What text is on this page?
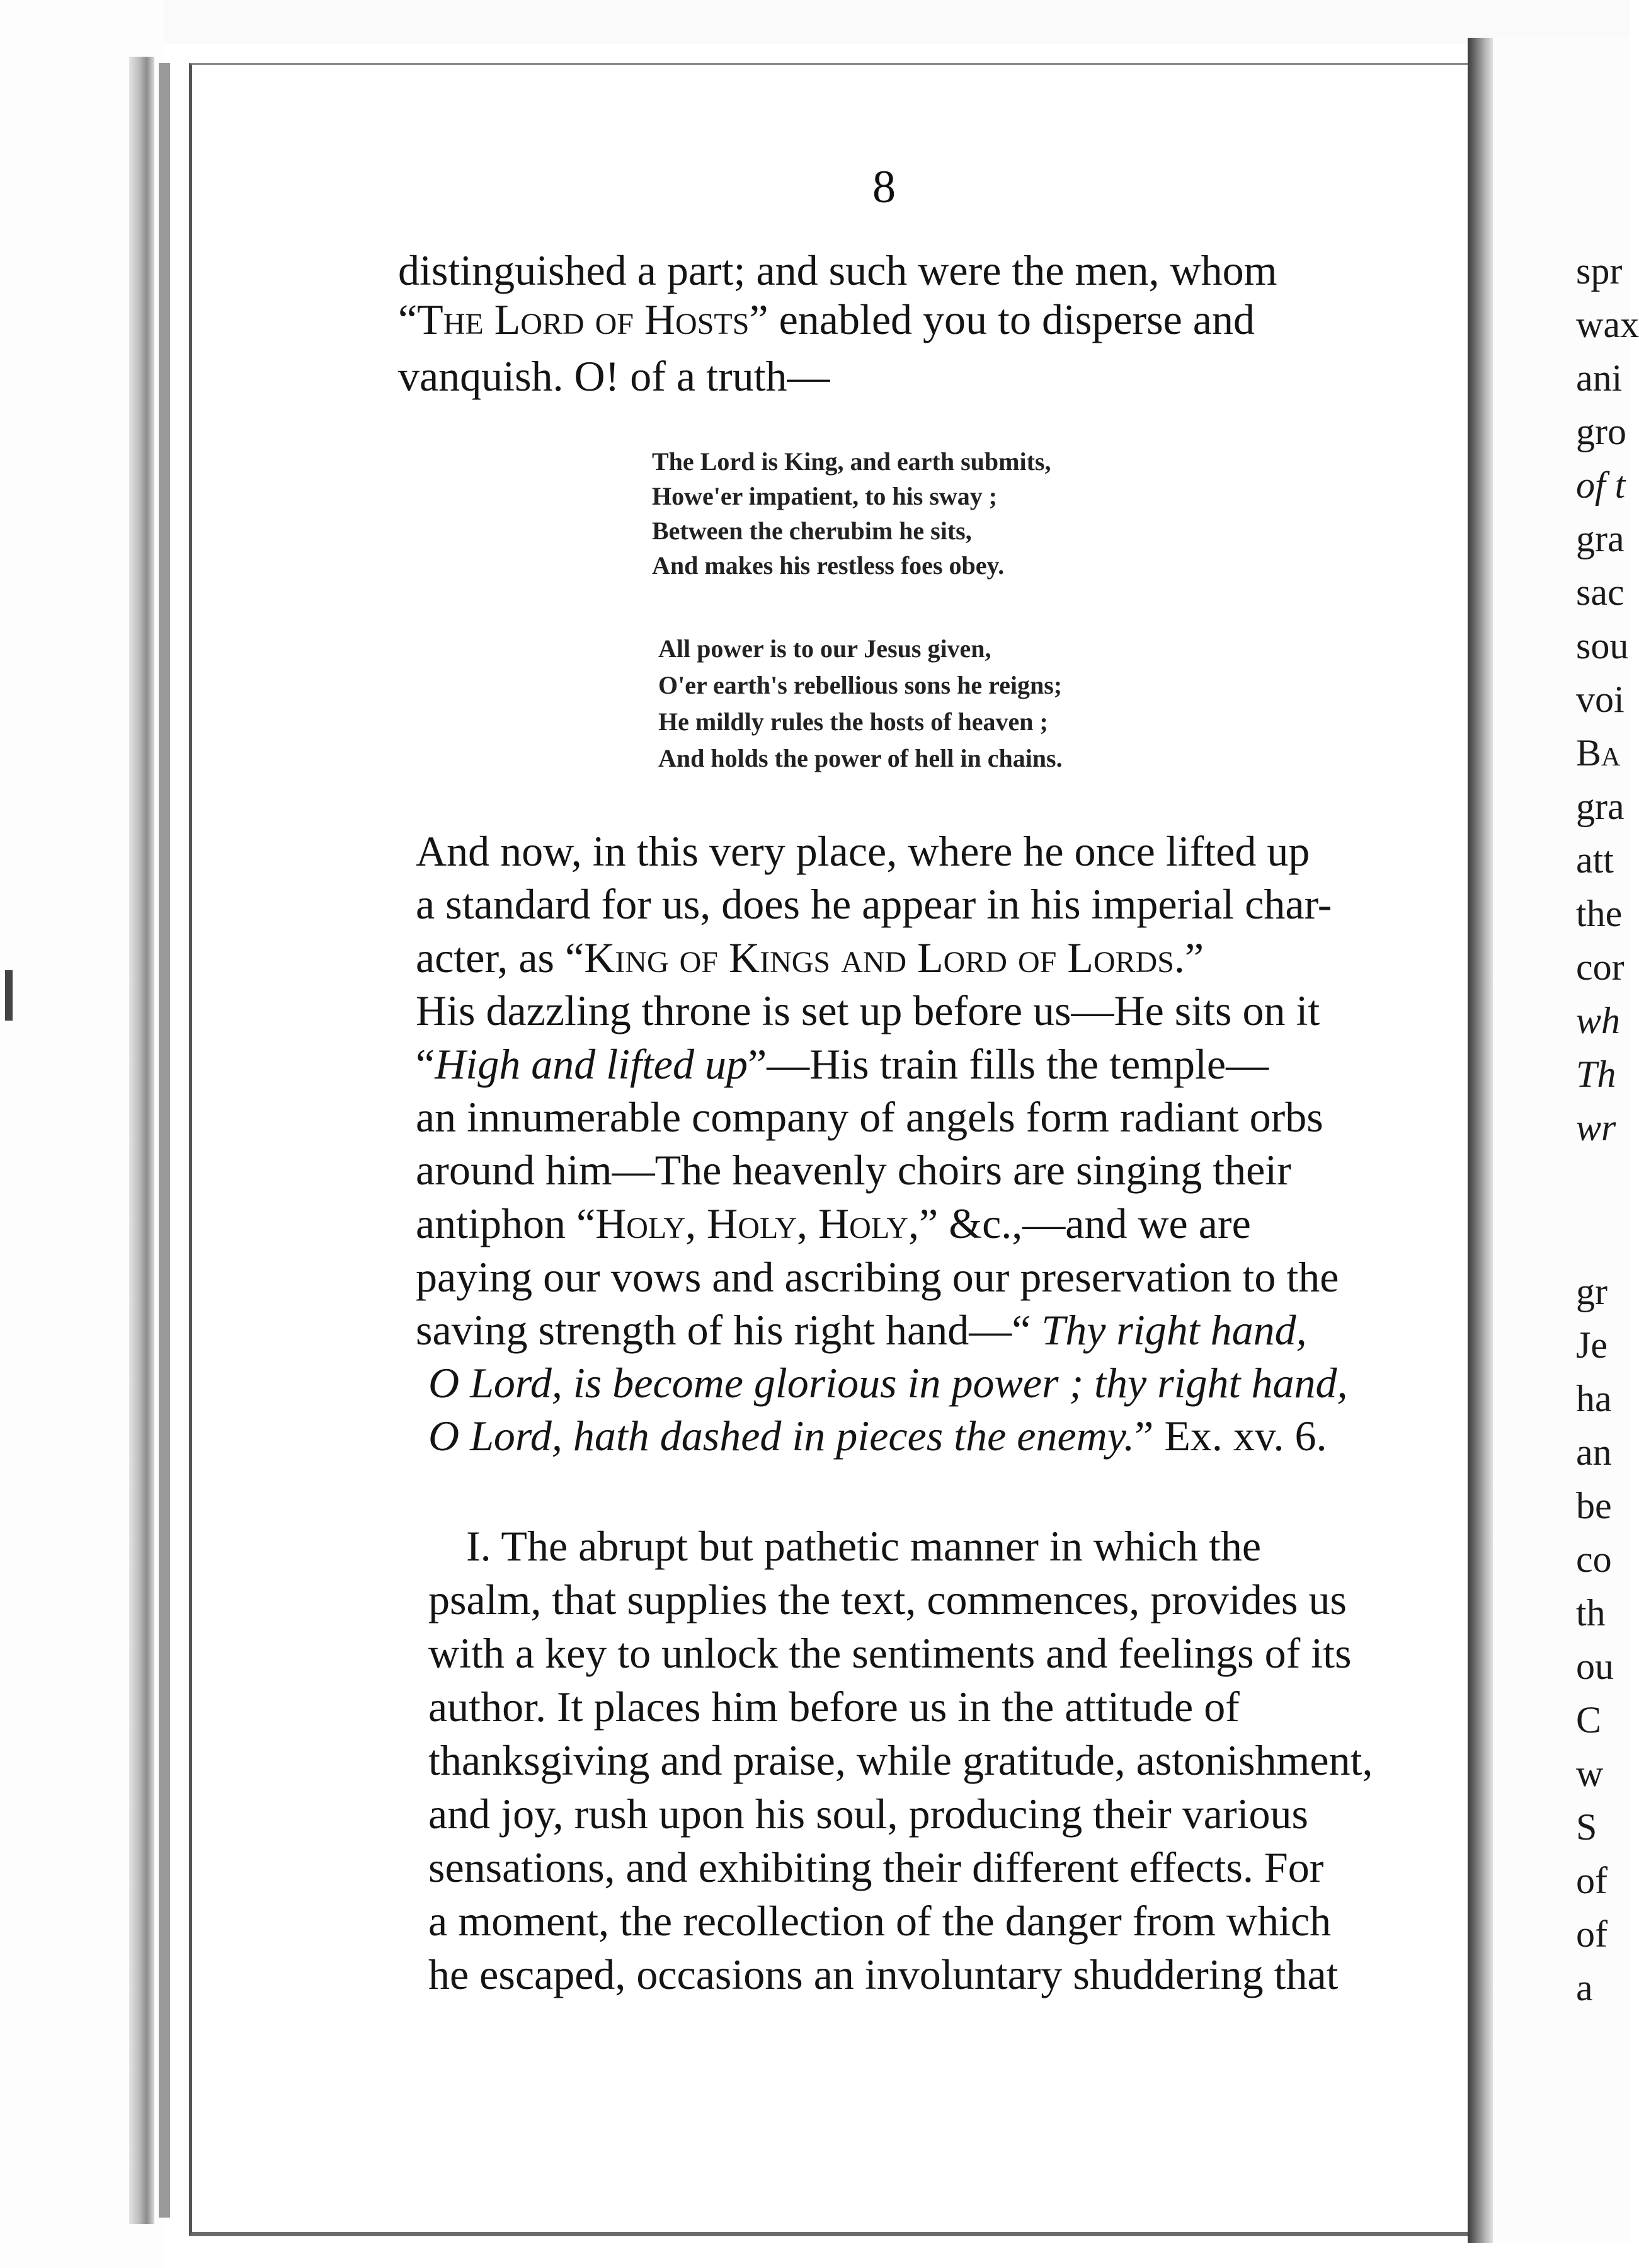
8
distinguished a part; and such were the men, whom
“The Lord of Hosts” enabled you to disperse and
vanquish. O! of a truth—
The Lord is King, and earth submits,
Howe'er impatient, to his sway ;
Between the cherubim he sits,
And makes his restless foes obey.
All power is to our Jesus given,
O'er earth's rebellious sons he reigns;
He mildly rules the hosts of heaven ;
And holds the power of hell in chains.
And now, in this very place, where he once lifted up
a standard for us, does he appear in his imperial char-
acter, as “King of Kings and Lord of Lords.”
His dazzling throne is set up before us—He sits on it
“High and lifted up”—His train fills the temple—
an innumerable company of angels form radiant orbs
around him—The heavenly choirs are singing their
antiphon “Holy, Holy, Holy,” &c.,—and we are
paying our vows and ascribing our preservation to the
saving strength of his right hand—“ Thy right hand,
O Lord, is become glorious in power ; thy right hand,
O Lord, hath dashed in pieces the enemy.” Ex. xv. 6.
I. The abrupt but pathetic manner in which the
psalm, that supplies the text, commences, provides us
with a key to unlock the sentiments and feelings of its
author. It places him before us in the attitude of
thanksgiving and praise, while gratitude, astonishment,
and joy, rush upon his soul, producing their various
sensations, and exhibiting their different effects. For
a moment, the recollection of the danger from which
he escaped, occasions an involuntary shuddering that
spr
wax
ani
gro
of t
gra
sac
sou
voi
Ba
gra
att
the
cor
wh
Th
wr
gr
Je
ha
an
be
co
th
ou
C
w
S
of
of
a
